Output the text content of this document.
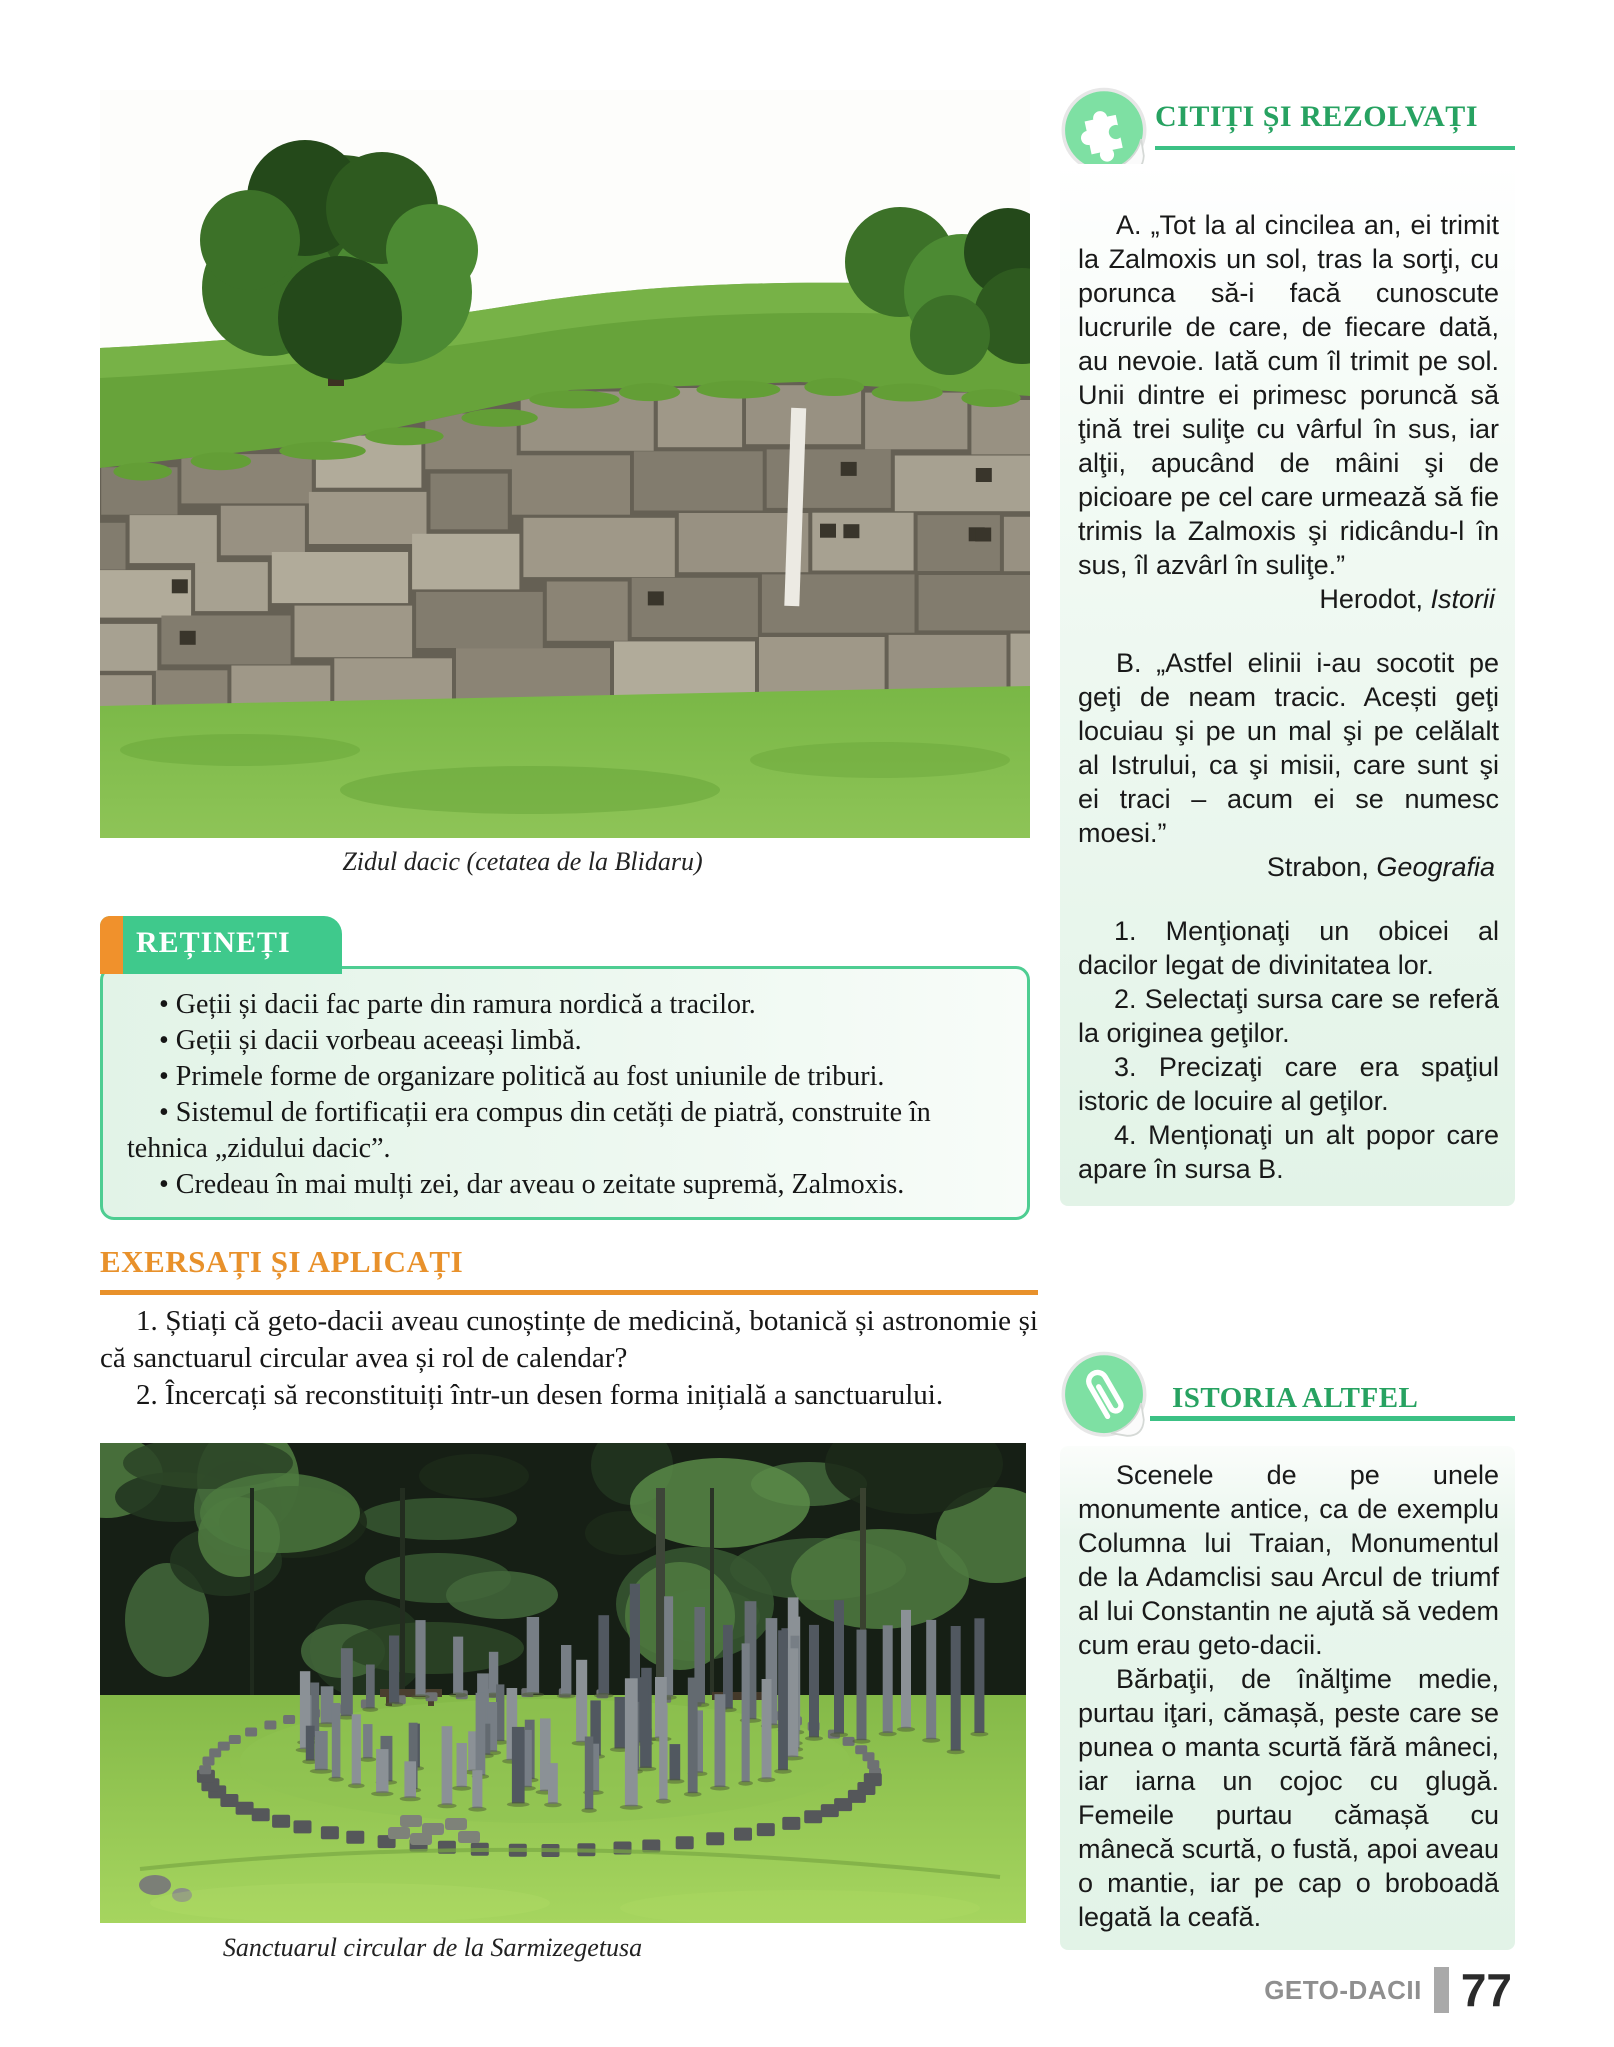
Zidul dacic (cetatea de la Blidaru)
REȚINEȚI

• Geții și dacii fac parte din ramura nordică a tracilor.

• Geții și dacii vorbeau aceeași limbă.

• Primele forme de organizare politică au fost uniunile de triburi.

• Sistemul de fortificații era compus din cetăți de piatră, construite în tehnica „zidului dacic”.

• Credeau în mai mulți zei, dar aveau o zeitate supremă, Zalmoxis.

EXERSAȚI ȘI APLICAȚI

1. Știați că geto-dacii aveau cunoștințe de medicină, botanică și astronomie și că sanctuarul circular avea și rol de calendar?

2. Încercați să reconstituiți într-un desen forma inițială a sanctuarului.

Sanctuarul circular de la Sarmizegetusa
CITIȚI ȘI REZOLVAȚI

A. „Tot la al cincilea an, ei trimit la Zalmoxis un sol, tras la sorţi, cu porunca să-i facă cunoscute lucrurile de care, de fiecare dată, au nevoie. Iată cum îl trimit pe sol. Unii dintre ei primesc poruncă să ţină trei suliţe cu vârful în sus, iar alţii, apucând de mâini şi de picioare pe cel care urmează să fie trimis la Zalmoxis şi ridicându-l în sus, îl azvârl în suliţe.”

Herodot, Istorii

B. „Astfel elinii i-au socotit pe geţi de neam tracic. Acești geţi locuiau şi pe un mal şi pe celălalt al Istrului, ca şi misii, care sunt şi ei traci – acum ei se numesc moesi.”

Strabon, Geografia

1. Menţionaţi un obicei al dacilor legat de divinitatea lor.

2. Selectaţi sursa care se referă la originea geţilor.

3. Precizaţi care era spaţiul istoric de locuire al geţilor.

4. Menționaţi un alt popor care apare în sursa B.

ISTORIA ALTFEL

Scenele de pe unele monumente antice, ca de exemplu Columna lui Traian, Monumentul de la Adamclisi sau Arcul de triumf al lui Constantin ne ajută să vedem cum erau geto-dacii.

Bărbaţii, de înălţime medie, purtau iţari, cămașă, peste care se punea o manta scurtă fără mâneci, iar iarna un cojoc cu glugă. Femeile purtau cămașă cu mânecă scurtă, o fustă, apoi aveau o mantie, iar pe cap o broboadă legată la ceafă.

GETO-DACII 77
